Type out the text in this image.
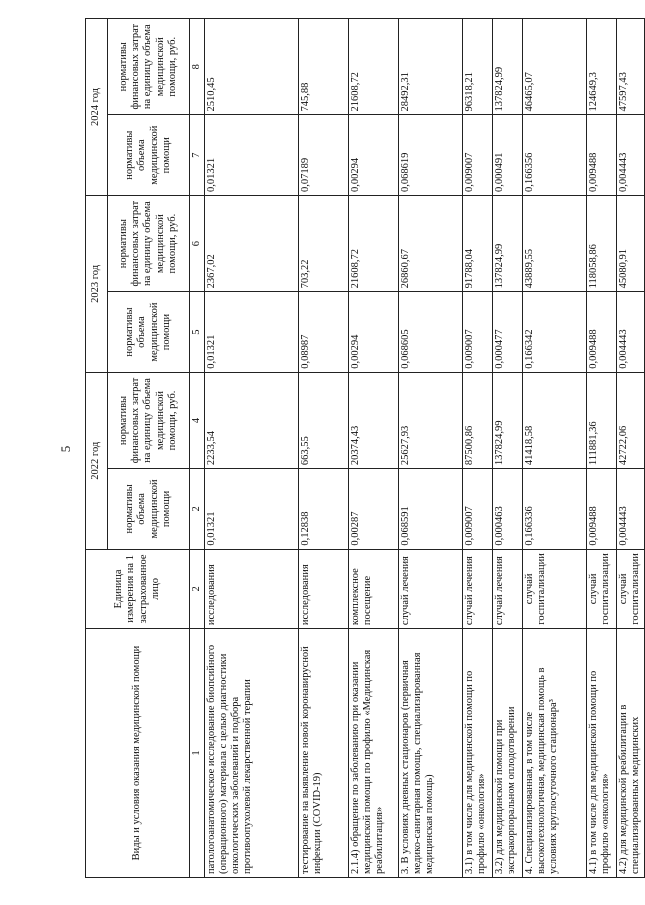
5
Виды и условия оказания медицинской помощи	Единица измерения на 1 застрахованное лицо	2022 год		2023 год		2024 год	
		нормативы объема медицинской помощи	нормативы финансовых затрат на единицу объема медицинской помощи, руб.	нормативы объема медицинской помощи	нормативы финансовых затрат на единицу объема медицинской помощи, руб.	нормативы объема медицинской помощи	нормативы финансовых затрат на единицу объема медицинской помощи, руб.
1	2	2	4	5	6	7	8
патологоанатомическое исследование биопсийного (операционного) материала с целью диагностики онкологических заболеваний и подбора противоопухолевой лекарственной терапии	исследования	0,01321	2233,54	0,01321	2367,02	0,01321	2510,45
тестирование на выявление новой коронавирусной инфекции (COVID-19)	исследования	0,12838	663,55	0,08987	703,22	0,07189	745,88
2.1.4) обращение по заболеванию при оказании медицинской помощи по профилю «Медицинская реабилитация»	комплексное посещение	0,00287	20374,43	0,00294	21608,72	0,00294	21608,72
3. В условиях дневных стационаров (первичная медико-санитарная помощь, специализированная медицинская помощь)	случай лечения	0,068591	25627,93	0,068605	26860,67	0,068619	28492,31
3.1) в том числе для медицинской помощи по профилю «онкология»	случай лечения	0,009007	87500,86	0,009007	91788,04	0,009007	96318,21
3.2) для медицинской помощи при экстракорпоральном оплодотворении	случай лечения	0,000463	137824,99	0,000477	137824,99	0,000491	137824,99
4. Специализированная, в том числе высокотехнологичная, медицинская помощь в условиях круглосуточного стационара³	случай госпитализации	0,166336	41418,58	0,166342	43889,55	0,166356	46465,07
4.1) в том числе для медицинской помощи по профилю «онкология»	случай госпитализации	0,009488	111881,36	0,009488	118058,86	0,009488	124649,3
4.2) для медицинской реабилитации в специализированных медицинских	случай госпитализации	0,004443	42722,06	0,004443	45080,91	0,004443	47597,43
